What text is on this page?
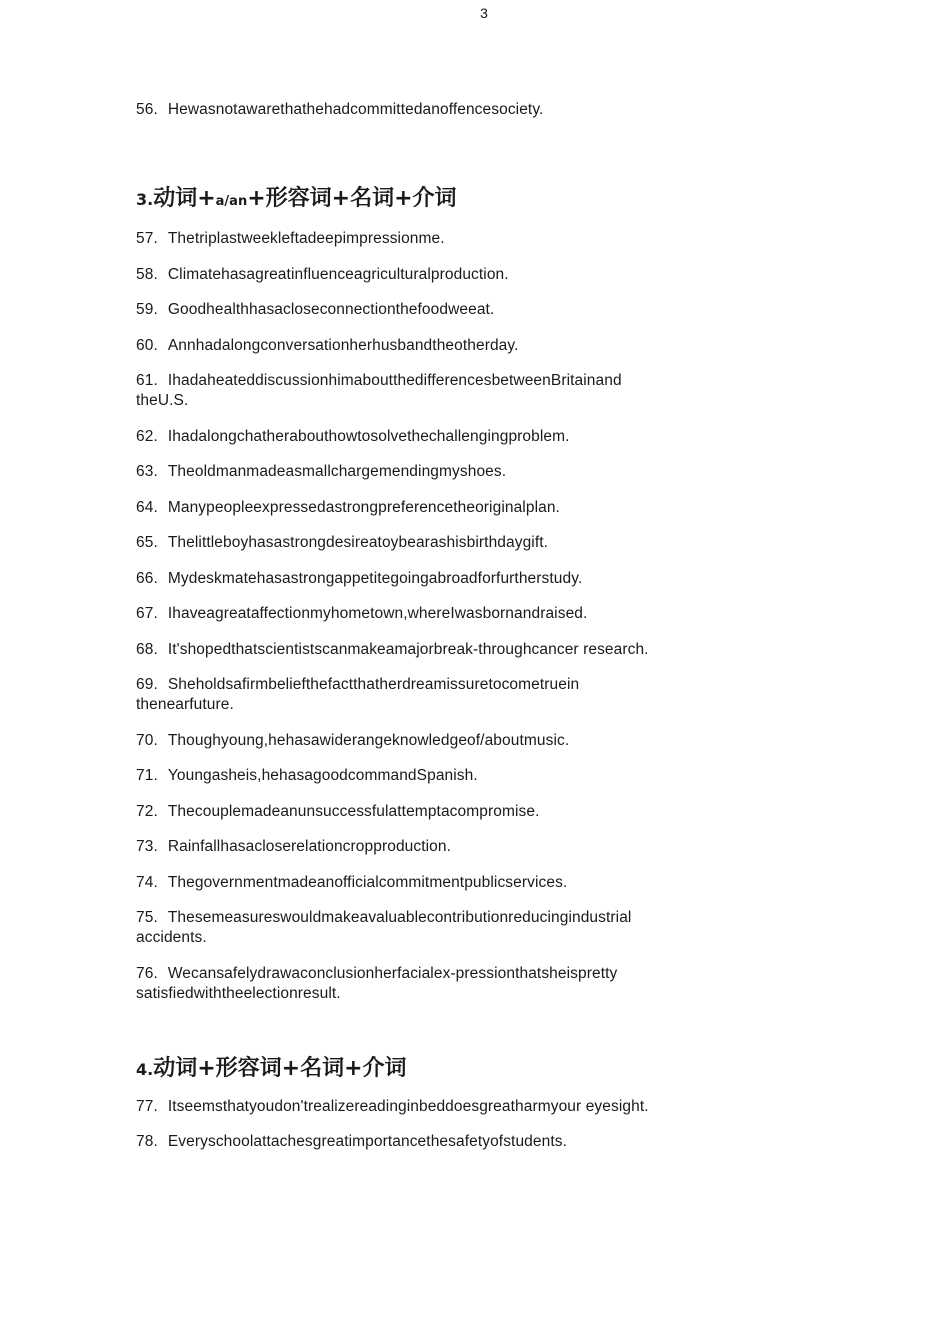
3

56. Hewasnotawarethathehadcommittedanoffencesociety.

3.动词+a/an+形容词+名词+介词

57. Thetriplastweekleftadeepimpressionme.

58. Climatehasagreatinfluenceagriculturalproduction.

59. Goodhealthhasacloseconnectionthefoodweeat.

60. Annhadalongconversationherhusbandtheotherday.

61. IhadaheateddiscussionhimaboutthedifferencesbetweenBritainand theU.S.

62. Ihadalongchatherabouthowtosolvethechallengingproblem.

63. Theoldmanmadeasmallchargemendingmyshoes.

64. Manypeopleexpressedastrongpreferencetheoriginalplan.

65. Thelittleboyhasastrongdesireatoybearashisbirthdaygift.

66. Mydeskmatehasastrongappetitegoingabroadforfurtherstudy.

67. Ihaveagreataffectionmyhometown,whereIwasbornandraised.

68. It'shopedthatscientistscanmakeamajorbreak-throughcancer research.

69. Sheholdsafirmbeliefthefactthatherdreamissuretocometruein thenearfuture.

70. Thoughyoung,hehasawiderangeknowledgeof/aboutmusic.

71. Youngasheis,hehasagoodcommandSpanish.

72. Thecouplemadeanunsuccessfulattemptacompromise.

73. Rainfallhasacloserelationcropproduction.

74. Thegovernmentmadeanofficialcommitmentpublicservices.

75. Thesemeasureswouldmakeavaluablecontributionreducingindustrial accidents.

76. Wecansafelydrawaconclusionherfacialex-pressionthatsheispretty satisfiedwiththeelectionresult.

4.动词+形容词+名词+介词

77. Itseemsthatyoudon'trealizereadinginbeddoesgreatharmyour eyesight.

78. Everyschoolattachesgreatimportancethesafetyofstudents.
